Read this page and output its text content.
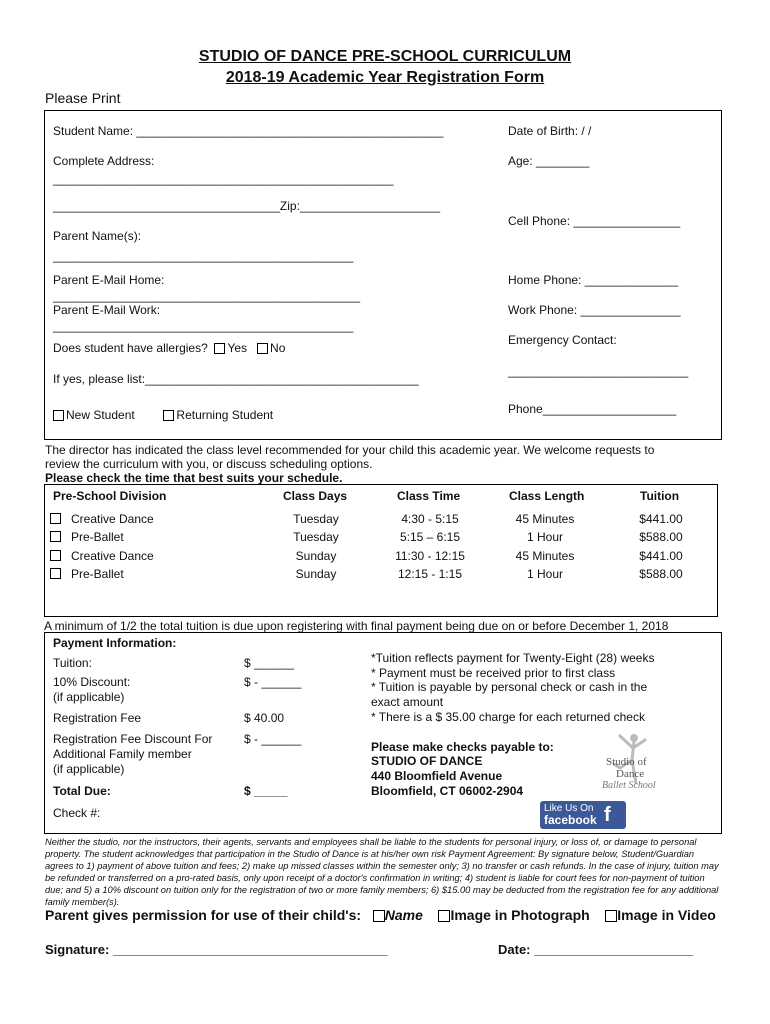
STUDIO OF DANCE PRE-SCHOOL CURRICULUM
2018-19 Academic Year Registration Form
Please Print
Student Name: ______________________________________________	Date of Birth: / /
Complete Address:	Age: ________
___________________________________________________
__________________________________Zip:_____________________
Cell Phone: ________________
Parent Name(s):
_____________________________________________
Parent E-Mail Home:	Home Phone: ______________
______________________________________________
Parent E-Mail Work:	Work Phone: _______________
_____________________________________________
Emergency Contact:
Does student have allergies? Yes No
___________________________
If yes, please list:_________________________________________
Phone____________________
New Student	Returning Student
The director has indicated the class level recommended for your child this academic year. We welcome requests to
review the curriculum with you, or discuss scheduling options.
Please check the time that best suits your schedule.
Pre-School Division	Class Days	Class Time	Class Length	Tuition
Creative Dance	Tuesday	4:30 - 5:15	45 Minutes	$441.00
Pre-Ballet	Tuesday	5:15 – 6:15	1 Hour	$588.00
Creative Dance	Sunday	11:30 - 12:15	45 Minutes	$441.00
Pre-Ballet	Sunday	12:15 - 1:15	1 Hour	$588.00
A minimum of 1/2 the total tuition is due upon registering with final payment being due on or before December 1, 2018
Payment Information:
Tuition:	$ ______
10% Discount:	$ - ______
(if applicable)
Registration Fee	$ 40.00
Registration Fee Discount For
Additional Family member
(if applicable)
$ - ______
Total Due:	$ _____
Check #:
*Tuition reflects payment for Twenty-Eight (28) weeks
* Payment must be received prior to first class
* Tuition is payable by personal check or cash in the
exact amount
* There is a $ 35.00 charge for each returned check
Please make checks payable to:
STUDIO OF DANCE
440 Bloomfield Avenue
Bloomfield, CT 06002-2904
Studio of
Dance
Ballet School
Like Us On
facebook f
Neither the studio, nor the instructors, their agents, servants and employees shall be liable to the students for personal injury, or loss of, or damage to personal property. The student acknowledges that participation in the Studio of Dance is at his/her own risk Payment Agreement: By signature below, Student/Guardian agrees to 1) payment of above tuition and fees; 2) make up missed classes within the semester only; 3) no transfer or cash refunds. In the case of injury, tuition may be refunded or transferred on a pro-rated basis, only upon receipt of a doctor's confirmation in writing; 4) student is liable for court fees for non-payment of tuition due; and 5) a 10% discount on tuition only for the registration of two or more family members; 6) $15.00 may be deducted from the registration fee for any additional family member(s).
Parent gives permission for use of their child's: Name Image in Photograph Image in Video
Signature: ______________________________________	Date: ______________________
